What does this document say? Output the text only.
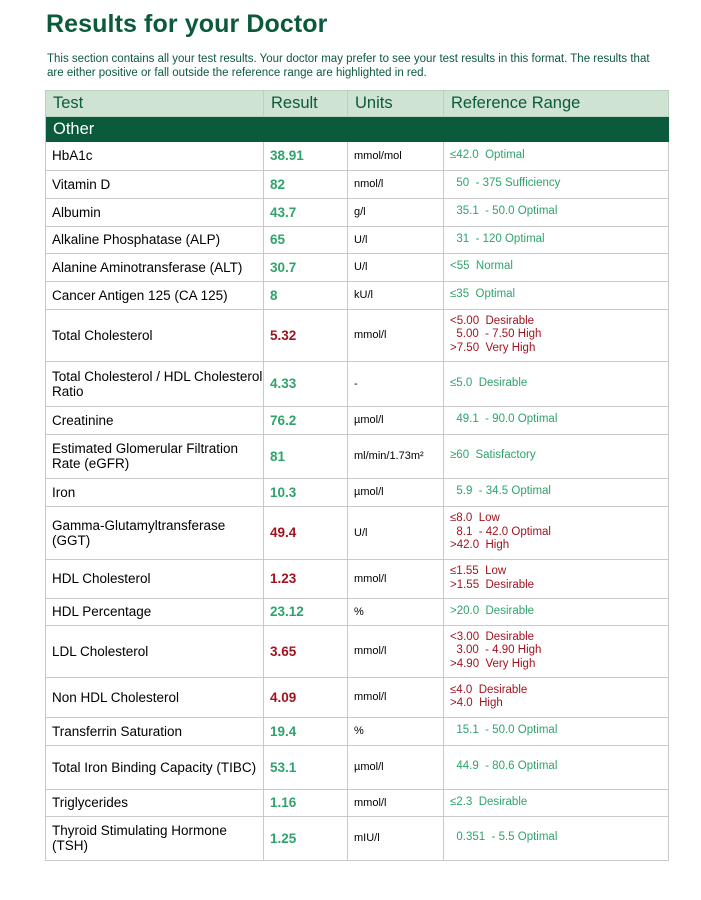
Results for your Doctor

This section contains all your test results. Your doctor may prefer to see your test results in this format. The results that are either positive or fall outside the reference range are highlighted in red.

Test	Result	Units	Reference Range
Other			
HbA1c	38.91	mmol/mol	≤42.0  Optimal

Vitamin D	82	nmol/l	50  - 375 Sufficiency

Albumin	43.7	g/l	35.1  - 50.0 Optimal

Alkaline Phosphatase (ALP)	65	U/l	31  - 120 Optimal

Alanine Aminotransferase (ALT)	30.7	U/l	<55  Normal

Cancer Antigen 125 (CA 125)	8	kU/l	≤35  Optimal

Total Cholesterol	5.32	mmol/l	<5.00  Desirable
5.00  - 7.50 High
>7.50  Very High

Total Cholesterol / HDL Cholesterol Ratio	4.33	-	≤5.0  Desirable

Creatinine	76.2	µmol/l	49.1  - 90.0 Optimal

Estimated Glomerular Filtration Rate (eGFR)	81	ml/min/1.73m²	≥60  Satisfactory

Iron	10.3	µmol/l	5.9  - 34.5 Optimal

Gamma-Glutamyltransferase (GGT)	49.4	U/l	≤8.0  Low
8.1  - 42.0 Optimal
>42.0  High

HDL Cholesterol	1.23	mmol/l	≤1.55  Low
>1.55  Desirable

HDL Percentage	23.12	%	>20.0  Desirable

LDL Cholesterol	3.65	mmol/l	<3.00  Desirable
3.00  - 4.90 High
>4.90  Very High

Non HDL Cholesterol	4.09	mmol/l	≤4.0  Desirable
>4.0  High

Transferrin Saturation	19.4	%	15.1  - 50.0 Optimal

Total Iron Binding Capacity (TIBC)	53.1	µmol/l	44.9  - 80.6 Optimal

Triglycerides	1.16	mmol/l	≤2.3  Desirable

Thyroid Stimulating Hormone (TSH)	1.25	mIU/l	0.351  - 5.5 Optimal
